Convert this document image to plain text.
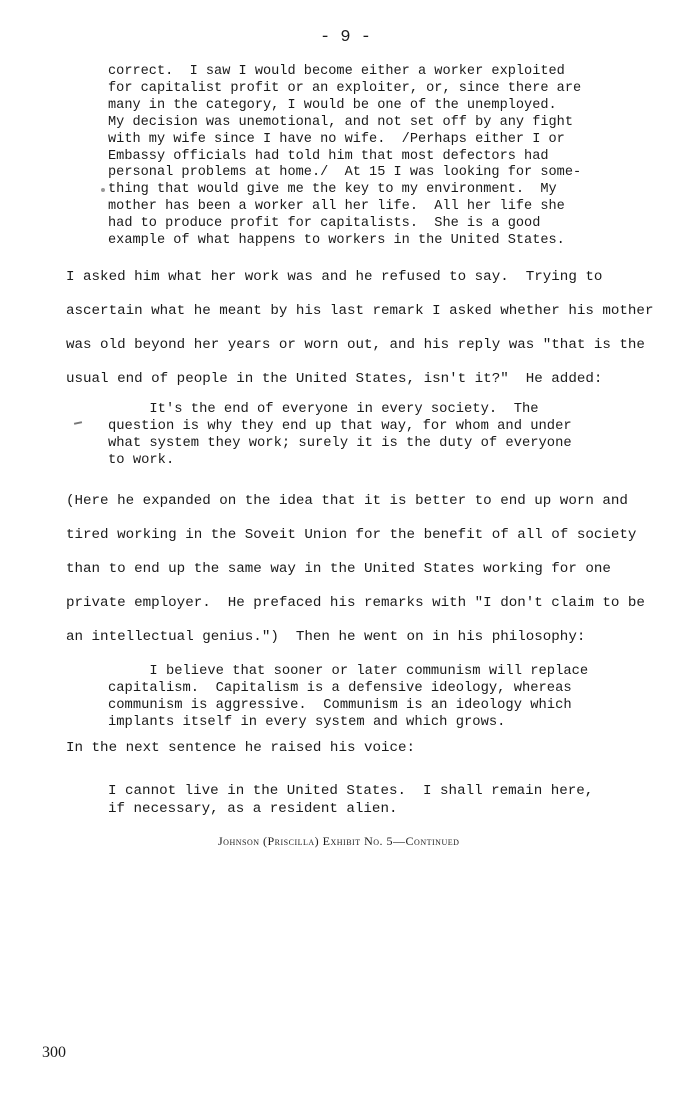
- 9 -
correct.  I saw I would become either a worker exploited
for capitalist profit or an exploiter, or, since there are
many in the category, I would be one of the unemployed.
My decision was unemotional, and not set off by any fight
with my wife since I have no wife.  /Perhaps either I or
Embassy officials had told him that most defectors had
personal problems at home./  At 15 I was looking for some-
thing that would give me the key to my environment.  My
mother has been a worker all her life.  All her life she
had to produce profit for capitalists.  She is a good
example of what happens to workers in the United States.
I asked him what her work was and he refused to say.  Trying to
ascertain what he meant by his last remark I asked whether his mother
was old beyond her years or worn out, and his reply was "that is the
usual end of people in the United States, isn't it?"  He added:
It's the end of everyone in every society.  The
question is why they end up that way, for whom and under
what system they work; surely it is the duty of everyone
to work.
(Here he expanded on the idea that it is better to end up worn and
tired working in the Soveit Union for the benefit of all of society
than to end up the same way in the United States working for one
private employer.  He prefaced his remarks with "I don't claim to be
an intellectual genius.")  Then he went on in his philosophy:
I believe that sooner or later communism will replace
capitalism.  Capitalism is a defensive ideology, whereas
communism is aggressive.  Communism is an ideology which
implants itself in every system and which grows.
In the next sentence he raised his voice:
I cannot live in the United States.  I shall remain here,
if necessary, as a resident alien.
Johnson (Priscilla) Exhibit No. 5—Continued
300
